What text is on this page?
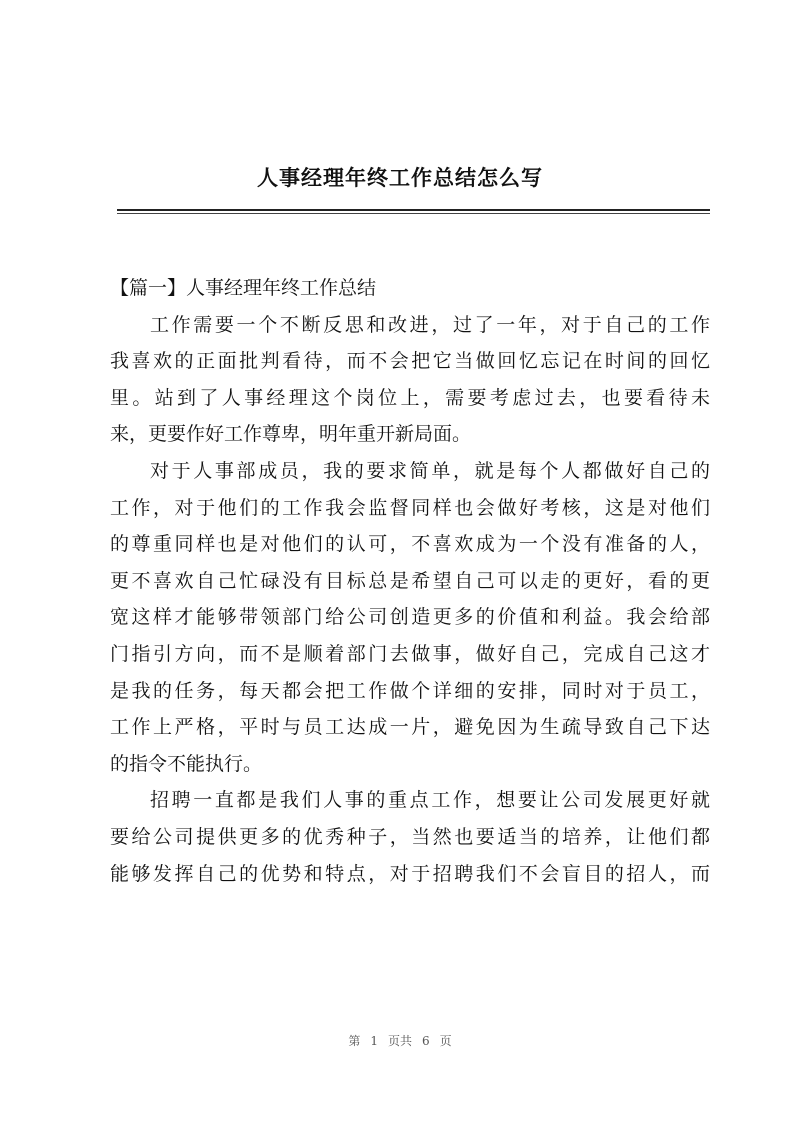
人事经理年终工作总结怎么写
【篇一】人事经理年终工作总结
工作需要一个不断反思和改进，过了一年，对于自己的工作
我喜欢的正面批判看待，而不会把它当做回忆忘记在时间的回忆
里。站到了人事经理这个岗位上，需要考虑过去，也要看待未
来，更要作好工作尊卑，明年重开新局面。
对于人事部成员，我的要求简单，就是每个人都做好自己的
工作，对于他们的工作我会监督同样也会做好考核，这是对他们
的尊重同样也是对他们的认可，不喜欢成为一个没有准备的人，
更不喜欢自己忙碌没有目标总是希望自己可以走的更好，看的更
宽这样才能够带领部门给公司创造更多的价值和利益。我会给部
门指引方向，而不是顺着部门去做事，做好自己，完成自己这才
是我的任务，每天都会把工作做个详细的安排，同时对于员工，
工作上严格，平时与员工达成一片，避免因为生疏导致自己下达
的指令不能执行。
招聘一直都是我们人事的重点工作，想要让公司发展更好就
要给公司提供更多的优秀种子，当然也要适当的培养，让他们都
能够发挥自己的优势和特点，对于招聘我们不会盲目的招人，而
第 1 页共 6 页
